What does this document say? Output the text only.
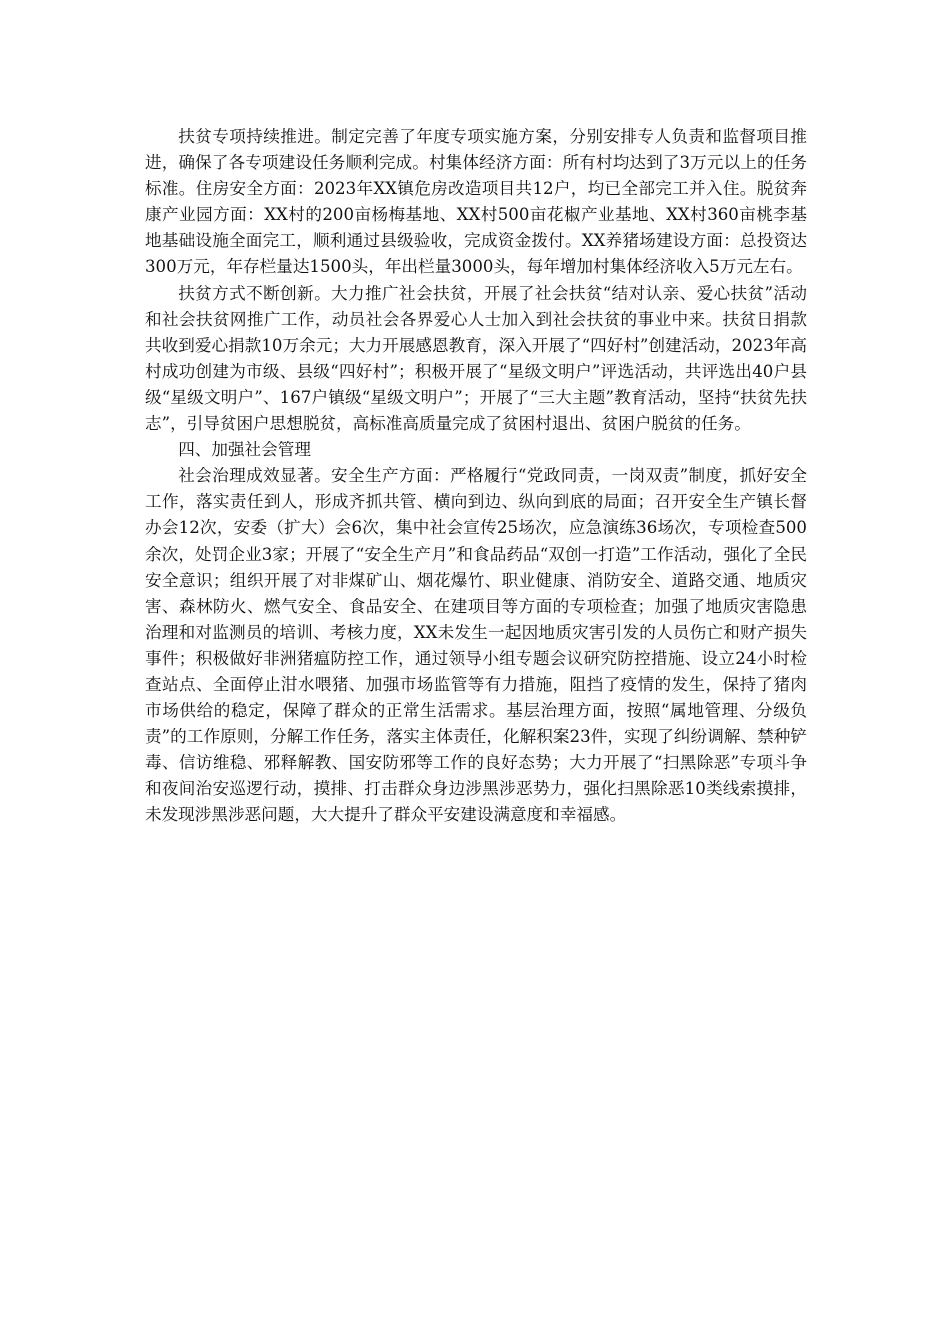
扶贫专项持续推进。制定完善了年度专项实施方案，分别安排专人负责和监督项目推进，确保了各专项建设任务顺利完成。村集体经济方面：所有村均达到了3万元以上的任务标准。住房安全方面：2023年XX镇危房改造项目共12户，均已全部完工并入住。脱贫奔康产业园方面：XX村的200亩杨梅基地、XX村500亩花椒产业基地、XX村360亩桃李基地基础设施全面完工，顺利通过县级验收，完成资金拨付。XX养猪场建设方面：总投资达300万元，年存栏量达1500头，年出栏量3000头，每年增加村集体经济收入5万元左右。

扶贫方式不断创新。大力推广社会扶贫，开展了社会扶贫“结对认亲、爱心扶贫”活动和社会扶贫网推广工作，动员社会各界爱心人士加入到社会扶贫的事业中来。扶贫日捐款共收到爱心捐款10万余元；大力开展感恩教育，深入开展了“四好村”创建活动，2023年高村成功创建为市级、县级“四好村”；积极开展了“星级文明户”评选活动，共评选出40户县级“星级文明户”、167户镇级“星级文明户”；开展了“三大主题”教育活动，坚持“扶贫先扶志”，引导贫困户思想脱贫，高标准高质量完成了贫困村退出、贫困户脱贫的任务。

四、加强社会管理

社会治理成效显著。安全生产方面：严格履行“党政同责，一岗双责”制度，抓好安全工作，落实责任到人，形成齐抓共管、横向到边、纵向到底的局面；召开安全生产镇长督办会12次，安委（扩大）会6次，集中社会宣传25场次，应急演练36场次，专项检查500余次，处罚企业3家；开展了“安全生产月”和食品药品“双创一打造”工作活动，强化了全民安全意识；组织开展了对非煤矿山、烟花爆竹、职业健康、消防安全、道路交通、地质灾害、森林防火、燃气安全、食品安全、在建项目等方面的专项检查；加强了地质灾害隐患治理和对监测员的培训、考核力度，XX未发生一起因地质灾害引发的人员伤亡和财产损失事件；积极做好非洲猪瘟防控工作，通过领导小组专题会议研究防控措施、设立24小时检查站点、全面停止泔水喂猪、加强市场监管等有力措施，阻挡了疫情的发生，保持了猪肉市场供给的稳定，保障了群众的正常生活需求。基层治理方面，按照“属地管理、分级负责”的工作原则，分解工作任务，落实主体责任，化解积案23件，实现了纠纷调解、禁种铲毒、信访维稳、邪释解教、国安防邪等工作的良好态势；大力开展了“扫黑除恶”专项斗争和夜间治安巡逻行动，摸排、打击群众身边涉黑涉恶势力，强化扫黑除恶10类线索摸排，未发现涉黑涉恶问题，大大提升了群众平安建设满意度和幸福感。
